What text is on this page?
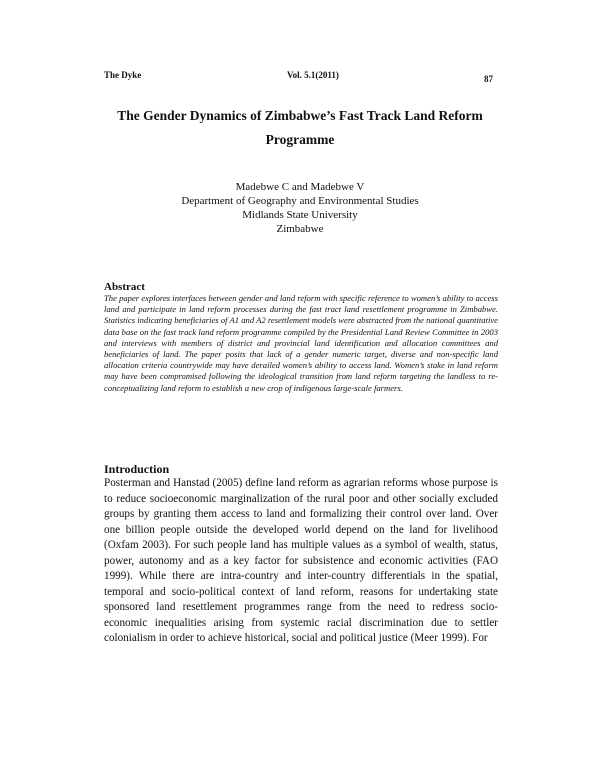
The Dyke	Vol. 5.1(2011)	87
The Gender Dynamics of Zimbabwe’s Fast Track Land Reform Programme
Madebwe C and Madebwe V
Department of Geography and Environmental Studies
Midlands State University
Zimbabwe
Abstract
The paper explores interfaces between gender and land reform with specific reference to women’s ability to access land and participate in land reform processes during the fast tract land resettlement programme in Zimbabwe. Statistics indicating beneficiaries of A1 and A2 resettlement models were abstracted from the national quantitative data base on the fast track land reform programme compiled by the Presidential Land Review Committee in 2003 and interviews with members of district and provincial land identification and allocation committees and beneficiaries of land. The paper posits that lack of a gender numeric target, diverse and non-specific land allocation criteria countrywide may have derailed women’s ability to access land. Women’s stake in land reform may have been compromised following the ideological transition from land reform targeting the landless to re-conceptualizing land reform to establish a new crop of indigenous large-scale farmers.
Introduction
Posterman and Hanstad (2005) define land reform as agrarian reforms whose purpose is to reduce socioeconomic marginalization of the rural poor and other socially excluded groups by granting them access to land and formalizing their control over land. Over one billion people outside the developed world depend on the land for livelihood (Oxfam 2003). For such people land has multiple values as a symbol of wealth, status, power, autonomy and as a key factor for subsistence and economic activities (FAO 1999). While there are intra-country and inter-country differentials in the spatial, temporal and socio-political context of land reform, reasons for undertaking state sponsored land resettlement programmes range from the need to redress socio-economic inequalities arising from systemic racial discrimination due to settler colonialism in order to achieve historical, social and political justice (Meer 1999). For
